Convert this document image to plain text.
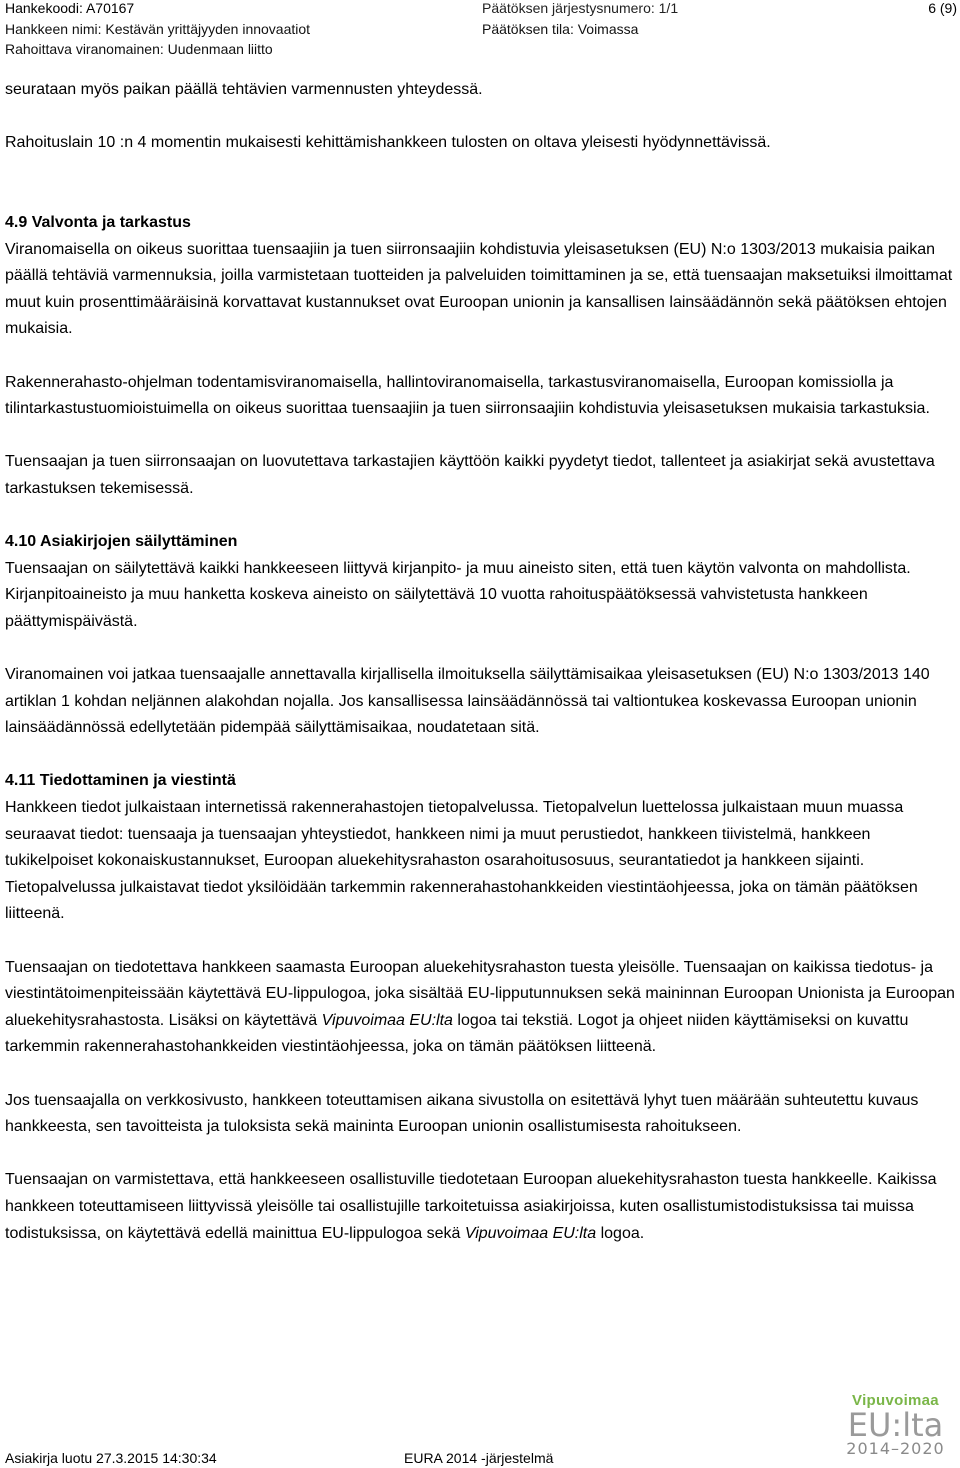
Hankekoodi: A70167
Hankkeen nimi: Kestävän yrittäjyyden innovaatiot
Rahoittava viranomainen: Uudenmaan liitto
Päätöksen järjestysnumero: 1/1
Päätöksen tila: Voimassa
6 (9)

seurataan myös paikan päällä tehtävien varmennusten yhteydessä.

Rahoituslain 10 :n 4 momentin mukaisesti kehittämishankkeen tulosten on oltava yleisesti hyödynnettävissä.

4.9 Valvonta ja tarkastus

Viranomaisella on oikeus suorittaa tuensaajiin ja tuen siirronsaajiin kohdistuvia yleisasetuksen (EU) N:o 1303/2013 mukaisia paikan päällä tehtäviä varmennuksia, joilla varmistetaan tuotteiden ja palveluiden toimittaminen ja se, että tuensaajan maksetuiksi ilmoittamat muut kuin prosenttimääräisinä korvattavat kustannukset ovat Euroopan unionin ja kansallisen lainsäädännön sekä päätöksen ehtojen mukaisia.

Rakennerahasto-ohjelman todentamisviranomaisella, hallintoviranomaisella, tarkastusviranomaisella, Euroopan komissiolla ja tilintarkastustuomioistuimella on oikeus suorittaa tuensaajiin ja tuen siirronsaajiin kohdistuvia yleisasetuksen mukaisia tarkastuksia.

Tuensaajan ja tuen siirronsaajan on luovutettava tarkastajien käyttöön kaikki pyydetyt tiedot, tallenteet ja asiakirjat sekä avustettava tarkastuksen tekemisessä.

4.10 Asiakirjojen säilyttäminen

Tuensaajan on säilytettävä kaikki hankkeeseen liittyvä kirjanpito- ja muu aineisto siten, että tuen käytön valvonta on mahdollista. Kirjanpitoaineisto ja muu hanketta koskeva aineisto on säilytettävä 10 vuotta rahoituspäätöksessä vahvistetusta hankkeen päättymispäivästä.

Viranomainen voi jatkaa tuensaajalle annettavalla kirjallisella ilmoituksella säilyttämisaikaa yleisasetuksen (EU) N:o 1303/2013 140 artiklan 1 kohdan neljännen alakohdan nojalla. Jos kansallisessa lainsäädännössä tai valtiontukea koskevassa Euroopan unionin lainsäädännössä edellytetään pidempää säilyttämisaikaa, noudatetaan sitä.

4.11 Tiedottaminen ja viestintä

Hankkeen tiedot julkaistaan internetissä rakennerahastojen tietopalvelussa. Tietopalvelun luettelossa julkaistaan muun muassa seuraavat tiedot: tuensaaja ja tuensaajan yhteystiedot, hankkeen nimi ja muut perustiedot, hankkeen tiivistelmä, hankkeen tukikelpoiset kokonaiskustannukset, Euroopan aluekehitysrahaston osarahoitusosuus, seurantatiedot ja hankkeen sijainti. Tietopalvelussa julkaistavat tiedot yksilöidään tarkemmin rakennerahastohankkeiden viestintäohjeessa, joka on tämän päätöksen liitteenä.

Tuensaajan on tiedotettava hankkeen saamasta Euroopan aluekehitysrahaston tuesta yleisölle. Tuensaajan on kaikissa tiedotus- ja viestintätoimenpiteissään käytettävä EU-lippulogoa, joka sisältää EU-lipputunnuksen sekä maininnan Euroopan Unionista ja Euroopan aluekehitysrahastosta. Lisäksi on käytettävä Vipuvoimaa EU:lta logoa tai tekstiä. Logot ja ohjeet niiden käyttämiseksi on kuvattu tarkemmin rakennerahastohankkeiden viestintäohjeessa, joka on tämän päätöksen liitteenä.

Jos tuensaajalla on verkkosivusto, hankkeen toteuttamisen aikana sivustolla on esitettävä lyhyt tuen määrään suhteutettu kuvaus hankkeesta, sen tavoitteista ja tuloksista sekä maininta Euroopan unionin osallistumisesta rahoitukseen.

Tuensaajan on varmistettava, että hankkeeseen osallistuville tiedotetaan Euroopan aluekehitysrahaston tuesta hankkeelle. Kaikissa hankkeen toteuttamiseen liittyvissä yleisölle tai osallistujille tarkoitetuissa asiakirjoissa, kuten osallistumistodistuksissa tai muissa todistuksissa, on käytettävä edellä mainittua EU-lippulogoa sekä Vipuvoimaa EU:lta logoa.

Vipuvoimaa
EU:lta
2014–2020
Asiakirja luotu 27.3.2015 14:30:34	EURA 2014 -järjestelmä
